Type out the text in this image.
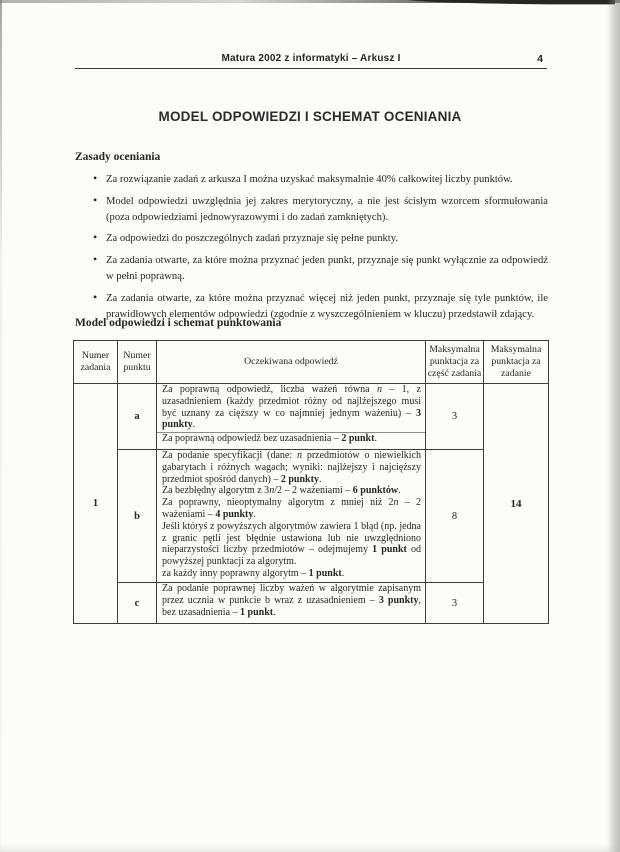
Matura 2002 z informatyki – Arkusz I	4
MODEL ODPOWIEDZI I SCHEMAT OCENIANIA
Zasady oceniania
• Za rozwiązanie zadań z arkusza I można uzyskać maksymalnie 40% całkowitej liczby punktów.
• Model odpowiedzi uwzględnia jej zakres merytoryczny, a nie jest ścisłym wzorcem sformułowania (poza odpowiedziami jednowyrazowymi i do zadań zamkniętych).
• Za odpowiedzi do poszczególnych zadań przyznaje się pełne punkty.
• Za zadania otwarte, za które można przyznać jeden punkt, przyznaje się punkt wyłącznie za odpowiedź w pełni poprawną.
• Za zadania otwarte, za które można przyznać więcej niż jeden punkt, przyznaje się tyle punktów, ile prawidłowych elementów odpowiedzi (zgodnie z wyszczególnieniem w kluczu) przedstawił zdający.
Model odpowiedzi i schemat punktowania
Numer zadania	Numer punktu	Oczekiwana odpowiedź	Maksymalna punktacja za część zadania	Maksymalna punktacja za zadanie
1	a	Za poprawną odpowiedź, liczba ważeń równa n – 1, z uzasadnieniem (każdy przedmiot różny od najlżejszego musi być uznany za cięższy w co najmniej jednym ważeniu) – 3 punkty.
Za poprawną odpowiedź bez uzasadnienia – 2 punkt.	3	14
	b	Za podanie specyfikacji (dane: n przedmiotów o niewielkich gabarytach i różnych wagach; wyniki: najlżejszy i najcięższy przedmiot spośród danych) – 2 punkty.
Za bezbłędny algorytm z 3n/2 – 2 ważeniami – 6 punktów.
Za poprawny, nieoptymalny algorytm z mniej niż 2n – 2 ważeniami – 4 punkty.
Jeśli któryś z powyższych algorytmów zawiera 1 błąd (np. jedna z granic pętli jest błędnie ustawiona lub nie uwzględniono nieparzystości liczby przedmiotów – odejmujemy 1 punkt od powyższej punktacji za algorytm.
za każdy inny poprawny algorytm – 1 punkt.	8	
	c	Za podanie poprawnej liczby ważeń w algorytmie zapisanym przez ucznia w punkcie b wraz z uzasadnieniem – 3 punkty, bez uzasadnienia – 1 punkt.	3	
